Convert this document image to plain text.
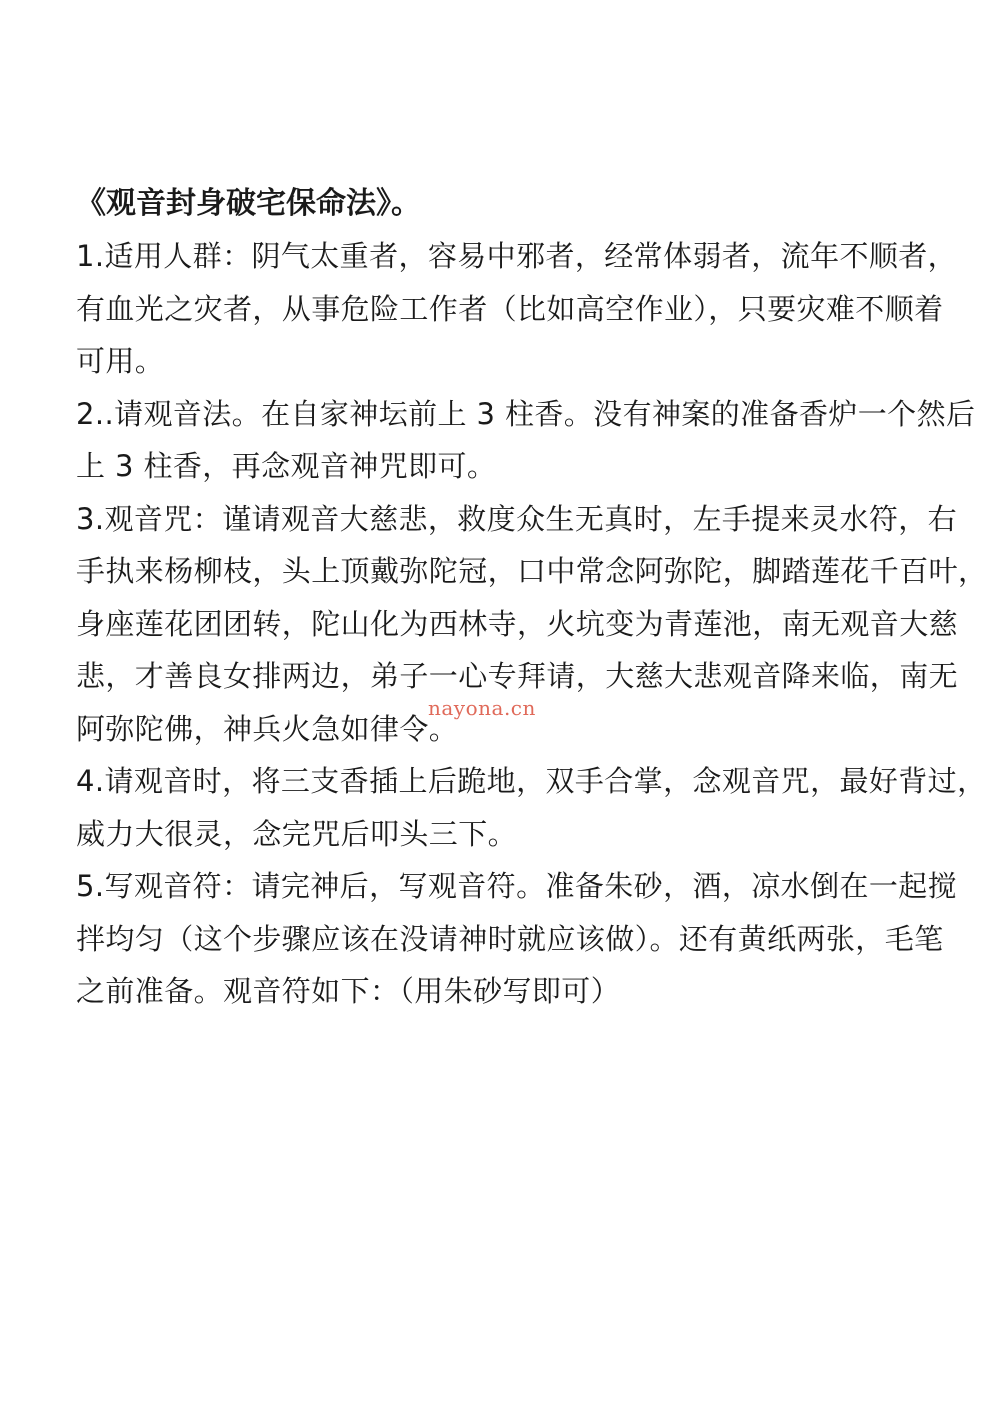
《观音封身破宅保命法》。

1.适用人群：阴气太重者，容易中邪者，经常体弱者，流年不顺者，

有血光之灾者，从事危险工作者（比如高空作业），只要灾难不顺着

可用。

2..请观音法。在自家神坛前上 3 柱香。没有神案的准备香炉一个然后

上 3 柱香，再念观音神咒即可。

3.观音咒：谨请观音大慈悲，救度众生无真时，左手提来灵水符，右

手执来杨柳枝，头上顶戴弥陀冠，口中常念阿弥陀，脚踏莲花千百叶，

身座莲花团团转，陀山化为西林寺，火坑变为青莲池，南无观音大慈

悲，才善良女排两边，弟子一心专拜请，大慈大悲观音降来临，南无

阿弥陀佛，神兵火急如律令。

4.请观音时，将三支香插上后跪地，双手合掌，念观音咒，最好背过，

威力大很灵，念完咒后叩头三下。

5.写观音符：请完神后，写观音符。准备朱砂，酒，凉水倒在一起搅

拌均匀（这个步骤应该在没请神时就应该做）。还有黄纸两张，毛笔

之前准备。观音符如下：（用朱砂写即可）

nayona.cn
